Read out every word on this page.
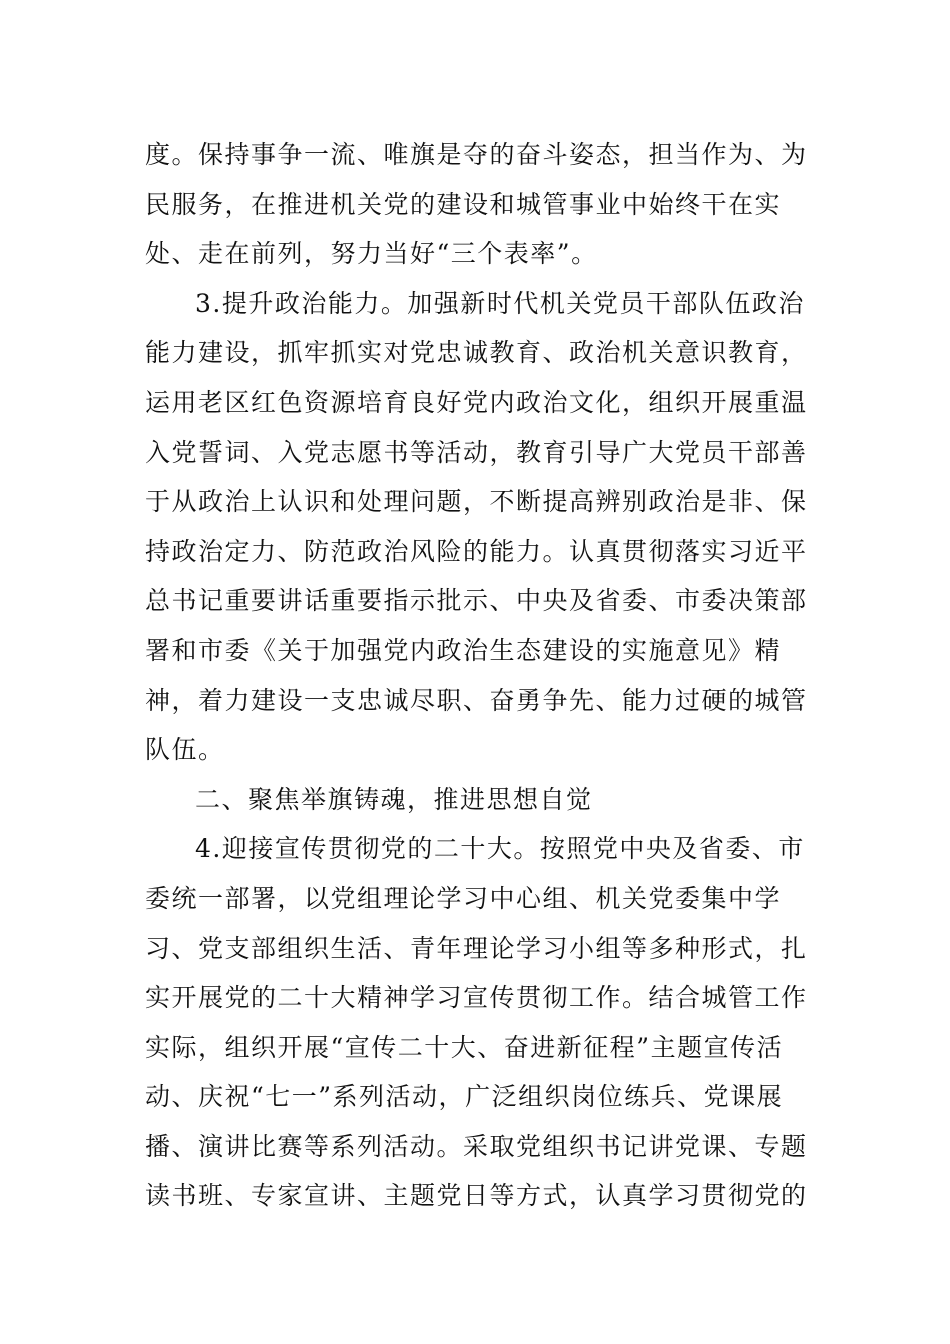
度。保持事争一流、唯旗是夺的奋斗姿态，担当作为、为
民服务，在推进机关党的建设和城管事业中始终干在实
处、走在前列，努力当好“三个表率”。
3.提升政治能力。加强新时代机关党员干部队伍政治
能力建设，抓牢抓实对党忠诚教育、政治机关意识教育，
运用老区红色资源培育良好党内政治文化，组织开展重温
入党誓词、入党志愿书等活动，教育引导广大党员干部善
于从政治上认识和处理问题，不断提高辨别政治是非、保
持政治定力、防范政治风险的能力。认真贯彻落实习近平
总书记重要讲话重要指示批示、中央及省委、市委决策部
署和市委《关于加强党内政治生态建设的实施意见》精
神，着力建设一支忠诚尽职、奋勇争先、能力过硬的城管
队伍。
二、聚焦举旗铸魂，推进思想自觉
4.迎接宣传贯彻党的二十大。按照党中央及省委、市
委统一部署，以党组理论学习中心组、机关党委集中学
习、党支部组织生活、青年理论学习小组等多种形式，扎
实开展党的二十大精神学习宣传贯彻工作。结合城管工作
实际，组织开展“宣传二十大、奋进新征程”主题宣传活
动、庆祝“七一”系列活动，广泛组织岗位练兵、党课展
播、演讲比赛等系列活动。采取党组织书记讲党课、专题
读书班、专家宣讲、主题党日等方式，认真学习贯彻党的
